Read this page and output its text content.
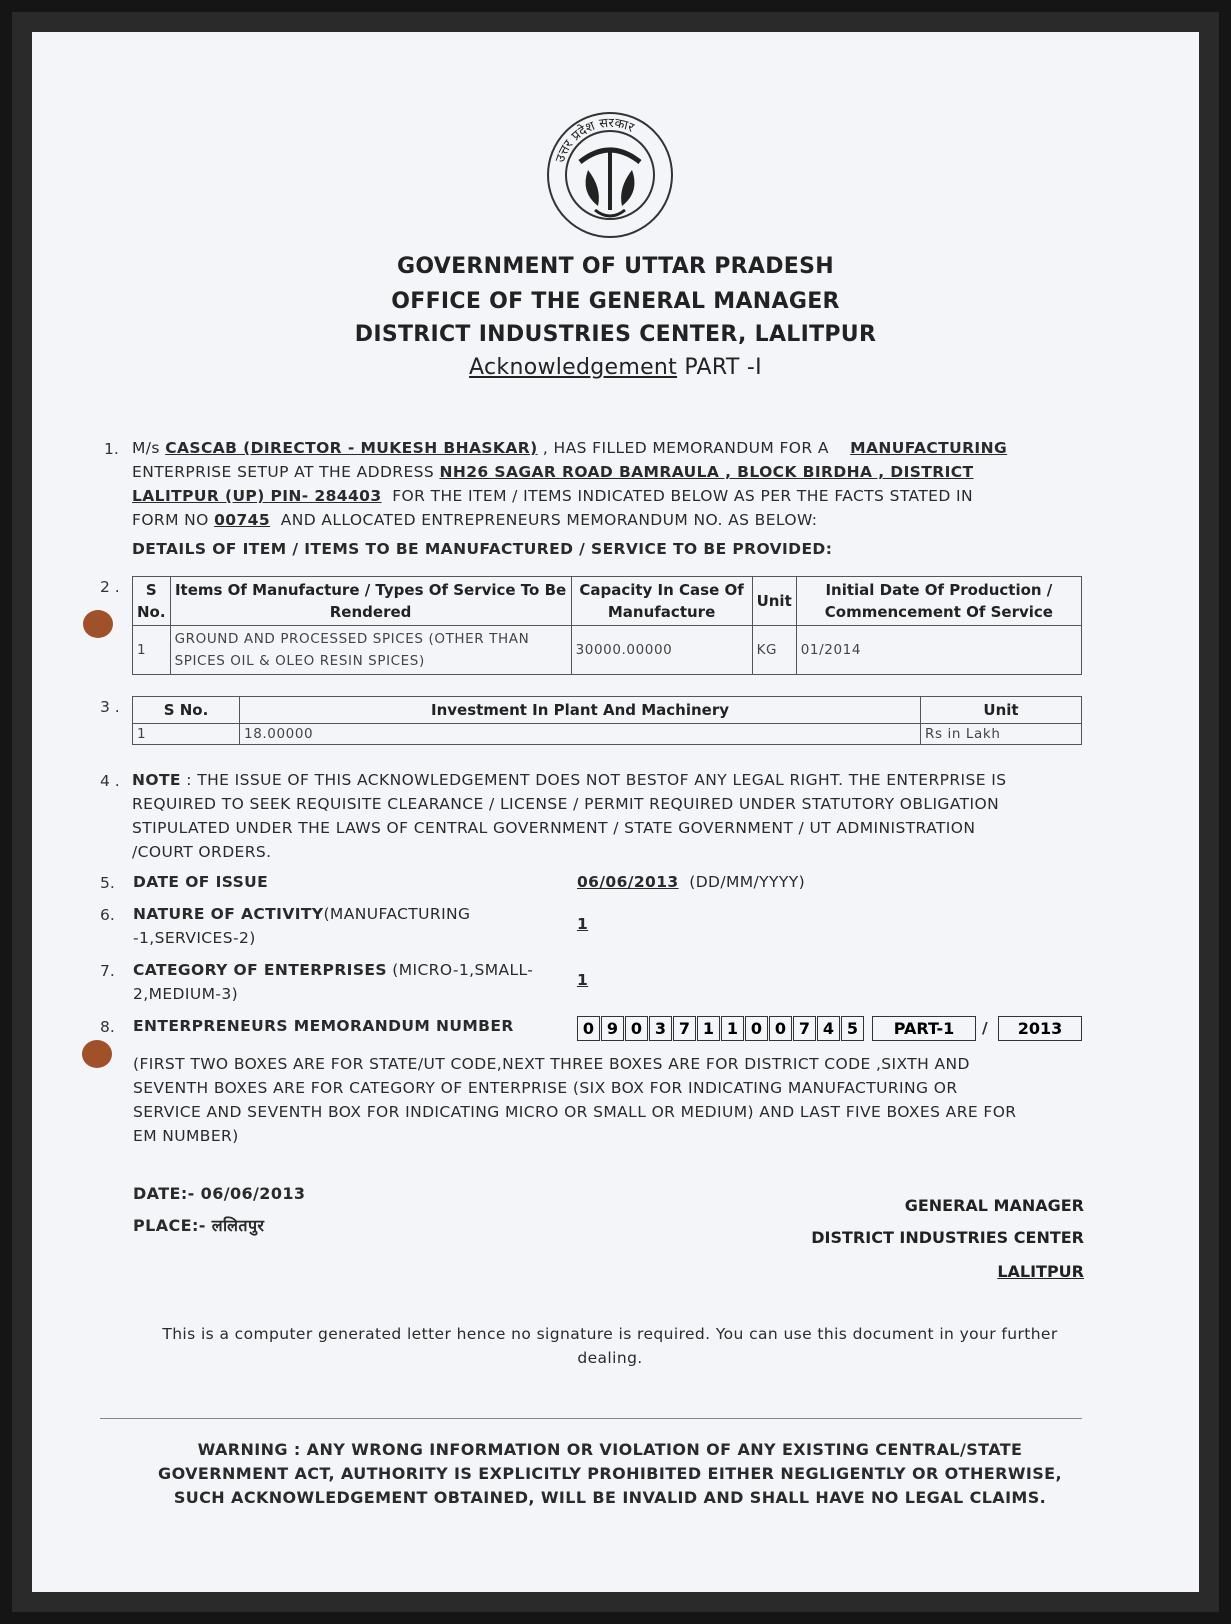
उत्तर प्रदेश सरकार
GOVERNMENT OF UTTAR PRADESH
OFFICE OF THE GENERAL MANAGER
DISTRICT INDUSTRIES CENTER, LALITPUR
Acknowledgement PART -I
1. M/s CASCAB (DIRECTOR - MUKESH BHASKAR) , HAS FILLED MEMORANDUM FOR A MANUFACTURING
ENTERPRISE SETUP AT THE ADDRESS NH26 SAGAR ROAD BAMRAULA , BLOCK BIRDHA , DISTRICT
LALITPUR (UP) PIN- 284403 FOR THE ITEM / ITEMS INDICATED BELOW AS PER THE FACTS STATED IN
FORM NO 00745 AND ALLOCATED ENTREPRENEURS MEMORANDUM NO. AS BELOW:
DETAILS OF ITEM / ITEMS TO BE MANUFACTURED / SERVICE TO BE PROVIDED:
2 . S No.	Items Of Manufacture / Types Of Service To Be Rendered	Capacity In Case Of Manufacture	Unit	Initial Date Of Production / Commencement Of Service
1	GROUND AND PROCESSED SPICES (OTHER THAN SPICES OIL & OLEO RESIN SPICES)	30000.00000	KG	01/2014
3 .	S No.	Investment In Plant And Machinery	Unit
1	18.00000	Rs in Lakh
4 . NOTE : THE ISSUE OF THIS ACKNOWLEDGEMENT DOES NOT BESTOF ANY LEGAL RIGHT. THE ENTERPRISE IS
REQUIRED TO SEEK REQUISITE CLEARANCE / LICENSE / PERMIT REQUIRED UNDER STATUTORY OBLIGATION
STIPULATED UNDER THE LAWS OF CENTRAL GOVERNMENT / STATE GOVERNMENT / UT ADMINISTRATION
/COURT ORDERS.
5. DATE OF ISSUE	06/06/2013 (DD/MM/YYYY)
6. NATURE OF ACTIVITY(MANUFACTURING
-1,SERVICES-2)
1
7. CATEGORY OF ENTERPRISES (MICRO-1,SMALL-
2,MEDIUM-3)
1
8. ENTERPRENEURS MEMORANDUM NUMBER	0 9 0 3 7 1 1 0 0 7 4 5	PART-1	/	2013
(FIRST TWO BOXES ARE FOR STATE/UT CODE,NEXT THREE BOXES ARE FOR DISTRICT CODE ,SIXTH AND
SEVENTH BOXES ARE FOR CATEGORY OF ENTERPRISE (SIX BOX FOR INDICATING MANUFACTURING OR
SERVICE AND SEVENTH BOX FOR INDICATING MICRO OR SMALL OR MEDIUM) AND LAST FIVE BOXES ARE FOR
EM NUMBER)
DATE:- 06/06/2013
PLACE:- ललितपुर
GENERAL MANAGER
DISTRICT INDUSTRIES CENTER
LALITPUR
This is a computer generated letter hence no signature is required. You can use this document in your further
dealing.
WARNING : ANY WRONG INFORMATION OR VIOLATION OF ANY EXISTING CENTRAL/STATE
GOVERNMENT ACT, AUTHORITY IS EXPLICITLY PROHIBITED EITHER NEGLIGENTLY OR OTHERWISE,
SUCH ACKNOWLEDGEMENT OBTAINED, WILL BE INVALID AND SHALL HAVE NO LEGAL CLAIMS.
